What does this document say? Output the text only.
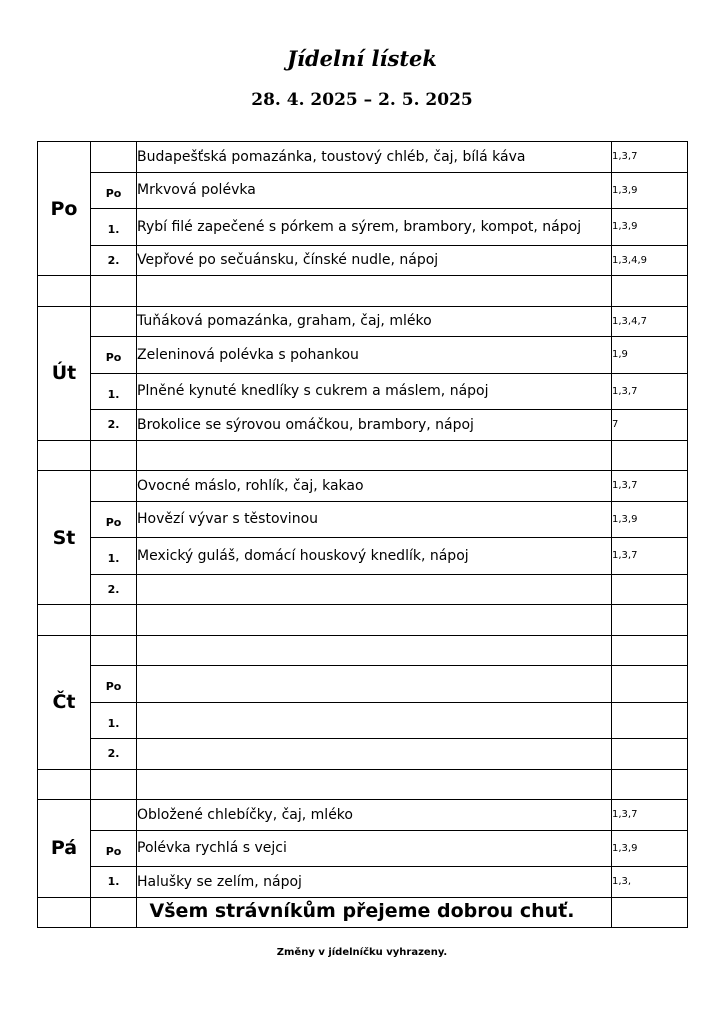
Jídelní lístek
28. 4. 2025 – 2. 5. 2025
Po		Budapešťská pomazánka, toustový chléb, čaj, bílá káva	1,3,7
	Po	Mrkvová polévka	1,3,9
	1.	Rybí filé zapečené s pórkem a sýrem, brambory, kompot, nápoj	1,3,9
	2.	Vepřové po sečuánsku, čínské nudle, nápoj	1,3,4,9

Út		Tuňáková pomazánka, graham, čaj, mléko	1,3,4,7
	Po	Zeleninová polévka s pohankou	1,9
	1.	Plněné kynuté knedlíky s cukrem a máslem, nápoj	1,3,7
	2.	Brokolice se sýrovou omáčkou, brambory, nápoj	7

St		Ovocné máslo, rohlík, čaj, kakao	1,3,7
	Po	Hovězí vývar s těstovinou	1,3,9
	1.	Mexický guláš, domácí houskový knedlík, nápoj	1,3,7
	2.		

Čt			
	Po		
	1.		
	2.		

Pá		Obložené chlebíčky, čaj, mléko	1,3,7
	Po	Polévka rychlá s vejci	1,3,9
	1.	Halušky se zelím, nápoj	1,3,

Všem strávníkům přejeme dobrou chuť.
Změny v jídelníčku vyhrazeny.
